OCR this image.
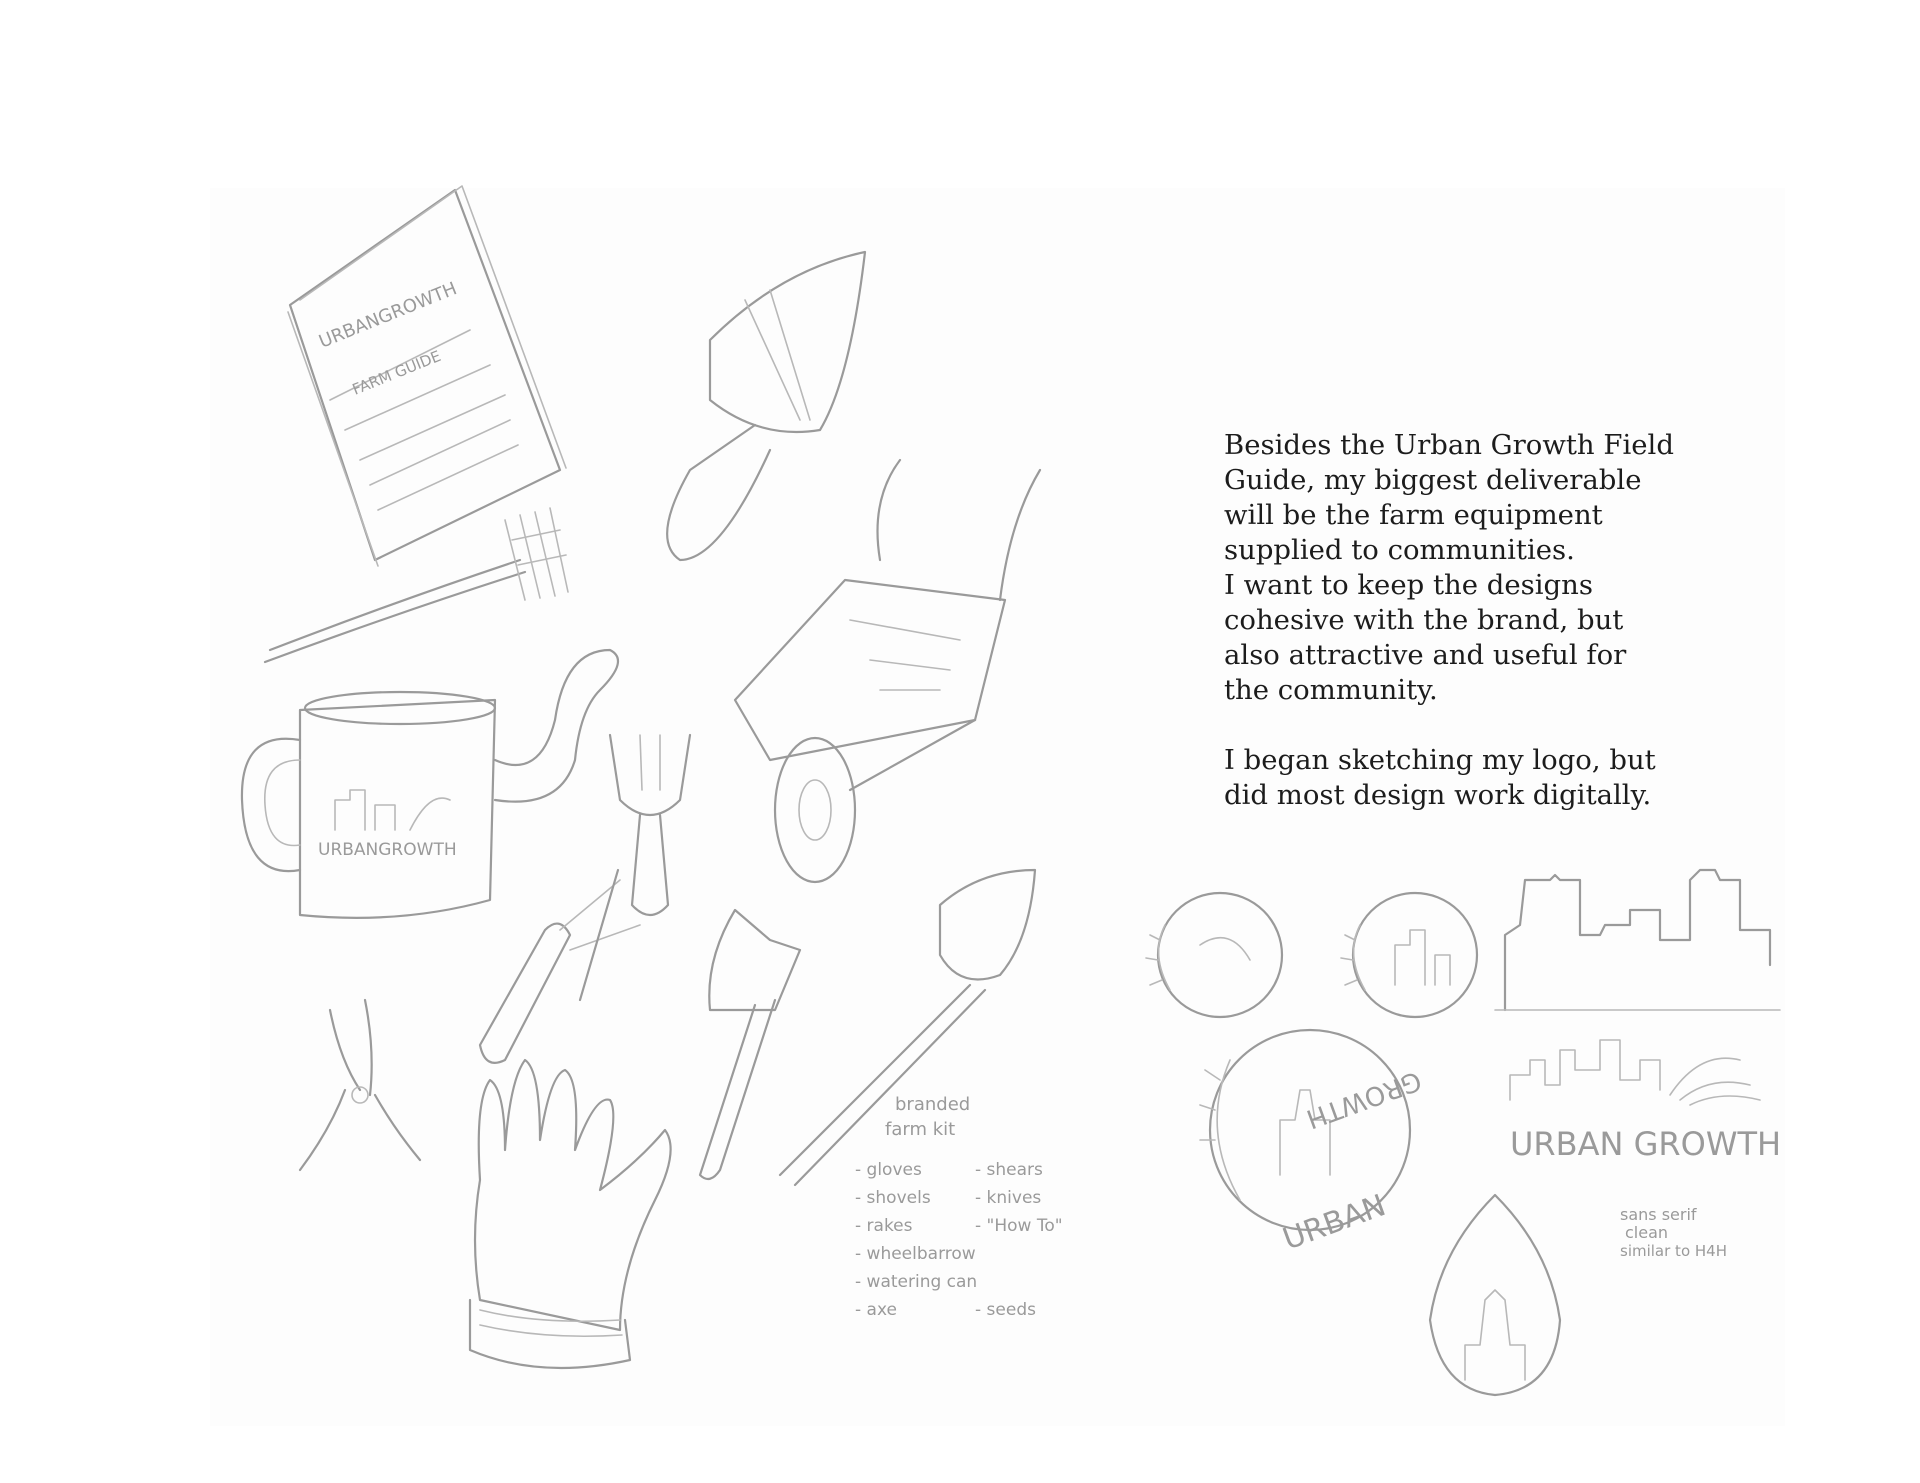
URBANGROWTH
FARM GUIDE
URBANGROWTH
branded
farm kit
- gloves
- shovels
- rakes
- wheelbarrow
- watering can
- axe
- shears
- knives
- "How To"
- seeds
GROWTH
URBAN
URBAN GROWTH
sans serif
clean
similar to H4H

Besides the Urban Growth Field
Guide, my biggest deliverable
will be the farm equipment
supplied to communities.
I want to keep the designs
cohesive with the brand, but
also attractive and useful for
the community.

I began sketching my logo, but
did most design work digitally.
